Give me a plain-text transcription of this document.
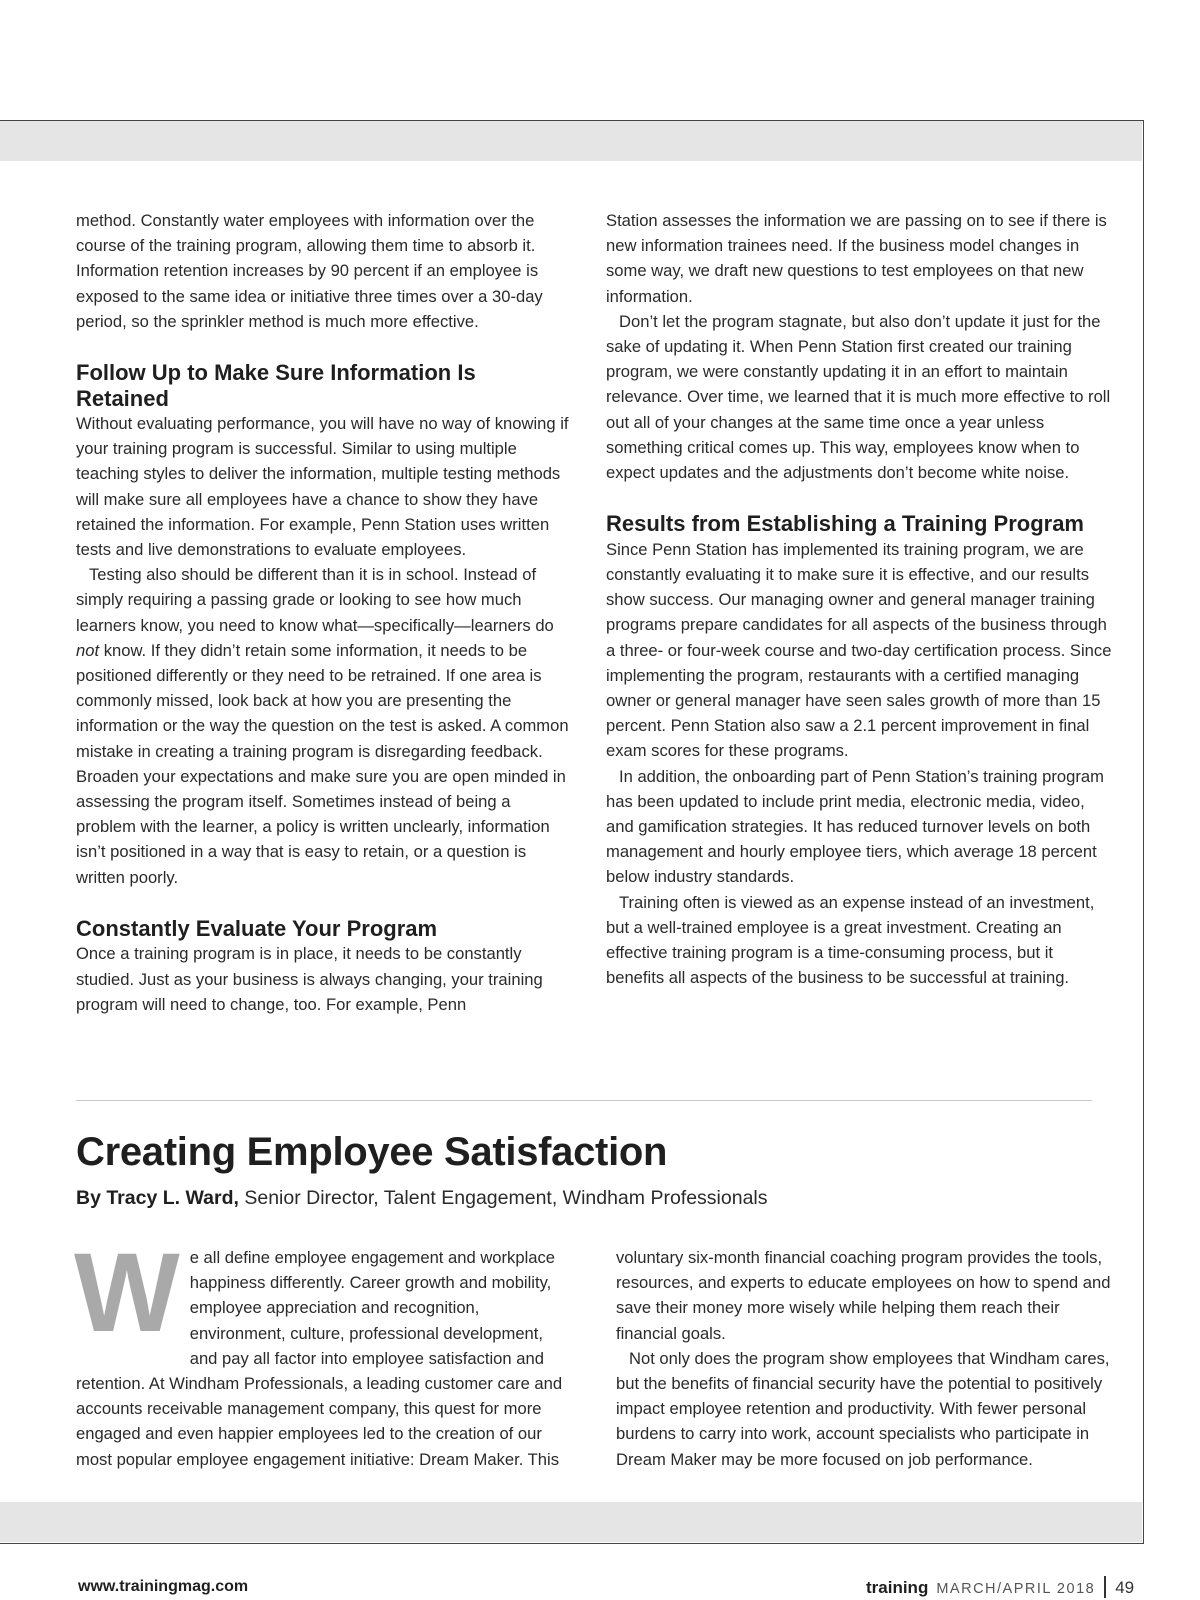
method. Constantly water employees with information over the course of the training program, allowing them time to absorb it. Information retention increases by 90 percent if an employee is exposed to the same idea or initiative three times over a 30-day period, so the sprinkler method is much more effective.

Follow Up to Make Sure Information Is Retained

Without evaluating performance, you will have no way of knowing if your training program is successful. Similar to using multiple teaching styles to deliver the information, multiple testing methods will make sure all employees have a chance to show they have retained the information. For example, Penn Station uses written tests and live demonstrations to evaluate employees.

Testing also should be different than it is in school. Instead of simply requiring a passing grade or looking to see how much learners know, you need to know what—specifically—learners do not know. If they didn’t retain some information, it needs to be positioned differently or they need to be retrained. If one area is commonly missed, look back at how you are presenting the information or the way the question on the test is asked. A common mistake in creating a training program is disregarding feedback. Broaden your expectations and make sure you are open minded in assessing the program itself. Sometimes instead of being a problem with the learner, a policy is written unclearly, information isn’t positioned in a way that is easy to retain, or a question is written poorly.

Constantly Evaluate Your Program

Once a training program is in place, it needs to be constantly studied. Just as your business is always changing, your training program will need to change, too. For example, Penn

Station assesses the information we are passing on to see if there is new information trainees need. If the business model changes in some way, we draft new questions to test employees on that new information.

Don’t let the program stagnate, but also don’t update it just for the sake of updating it. When Penn Station first created our training program, we were constantly updating it in an effort to maintain relevance. Over time, we learned that it is much more effective to roll out all of your changes at the same time once a year unless something critical comes up. This way, employees know when to expect updates and the adjustments don’t become white noise.

Results from Establishing a Training Program

Since Penn Station has implemented its training program, we are constantly evaluating it to make sure it is effective, and our results show success. Our managing owner and general manager training programs prepare candidates for all aspects of the business through a three- or four-week course and two-day certification process. Since implementing the program, restaurants with a certified managing owner or general manager have seen sales growth of more than 15 percent. Penn Station also saw a 2.1 percent improvement in final exam scores for these programs.

In addition, the onboarding part of Penn Station’s training program has been updated to include print media, electronic media, video, and gamification strategies. It has reduced turnover levels on both management and hourly employee tiers, which average 18 percent below industry standards.

Training often is viewed as an expense instead of an investment, but a well-trained employee is a great investment. Creating an effective training program is a time-consuming process, but it benefits all aspects of the business to be successful at training.

Creating Employee Satisfaction
By Tracy L. Ward, Senior Director, Talent Engagement, Windham Professionals

We all define employee engagement and workplace happiness differently. Career growth and mobility, employee appreciation and recognition, environment, culture, professional development, and pay all factor into employee satisfaction and retention. At Windham Professionals, a leading customer care and accounts receivable management company, this quest for more engaged and even happier employees led to the creation of our most popular employee engagement initiative: Dream Maker. This

voluntary six-month financial coaching program provides the tools, resources, and experts to educate employees on how to spend and save their money more wisely while helping them reach their financial goals.

Not only does the program show employees that Windham cares, but the benefits of financial security have the potential to positively impact employee retention and productivity. With fewer personal burdens to carry into work, account specialists who participate in Dream Maker may be more focused on job performance.

www.trainingmag.com	training MARCH/APRIL 2018 49
